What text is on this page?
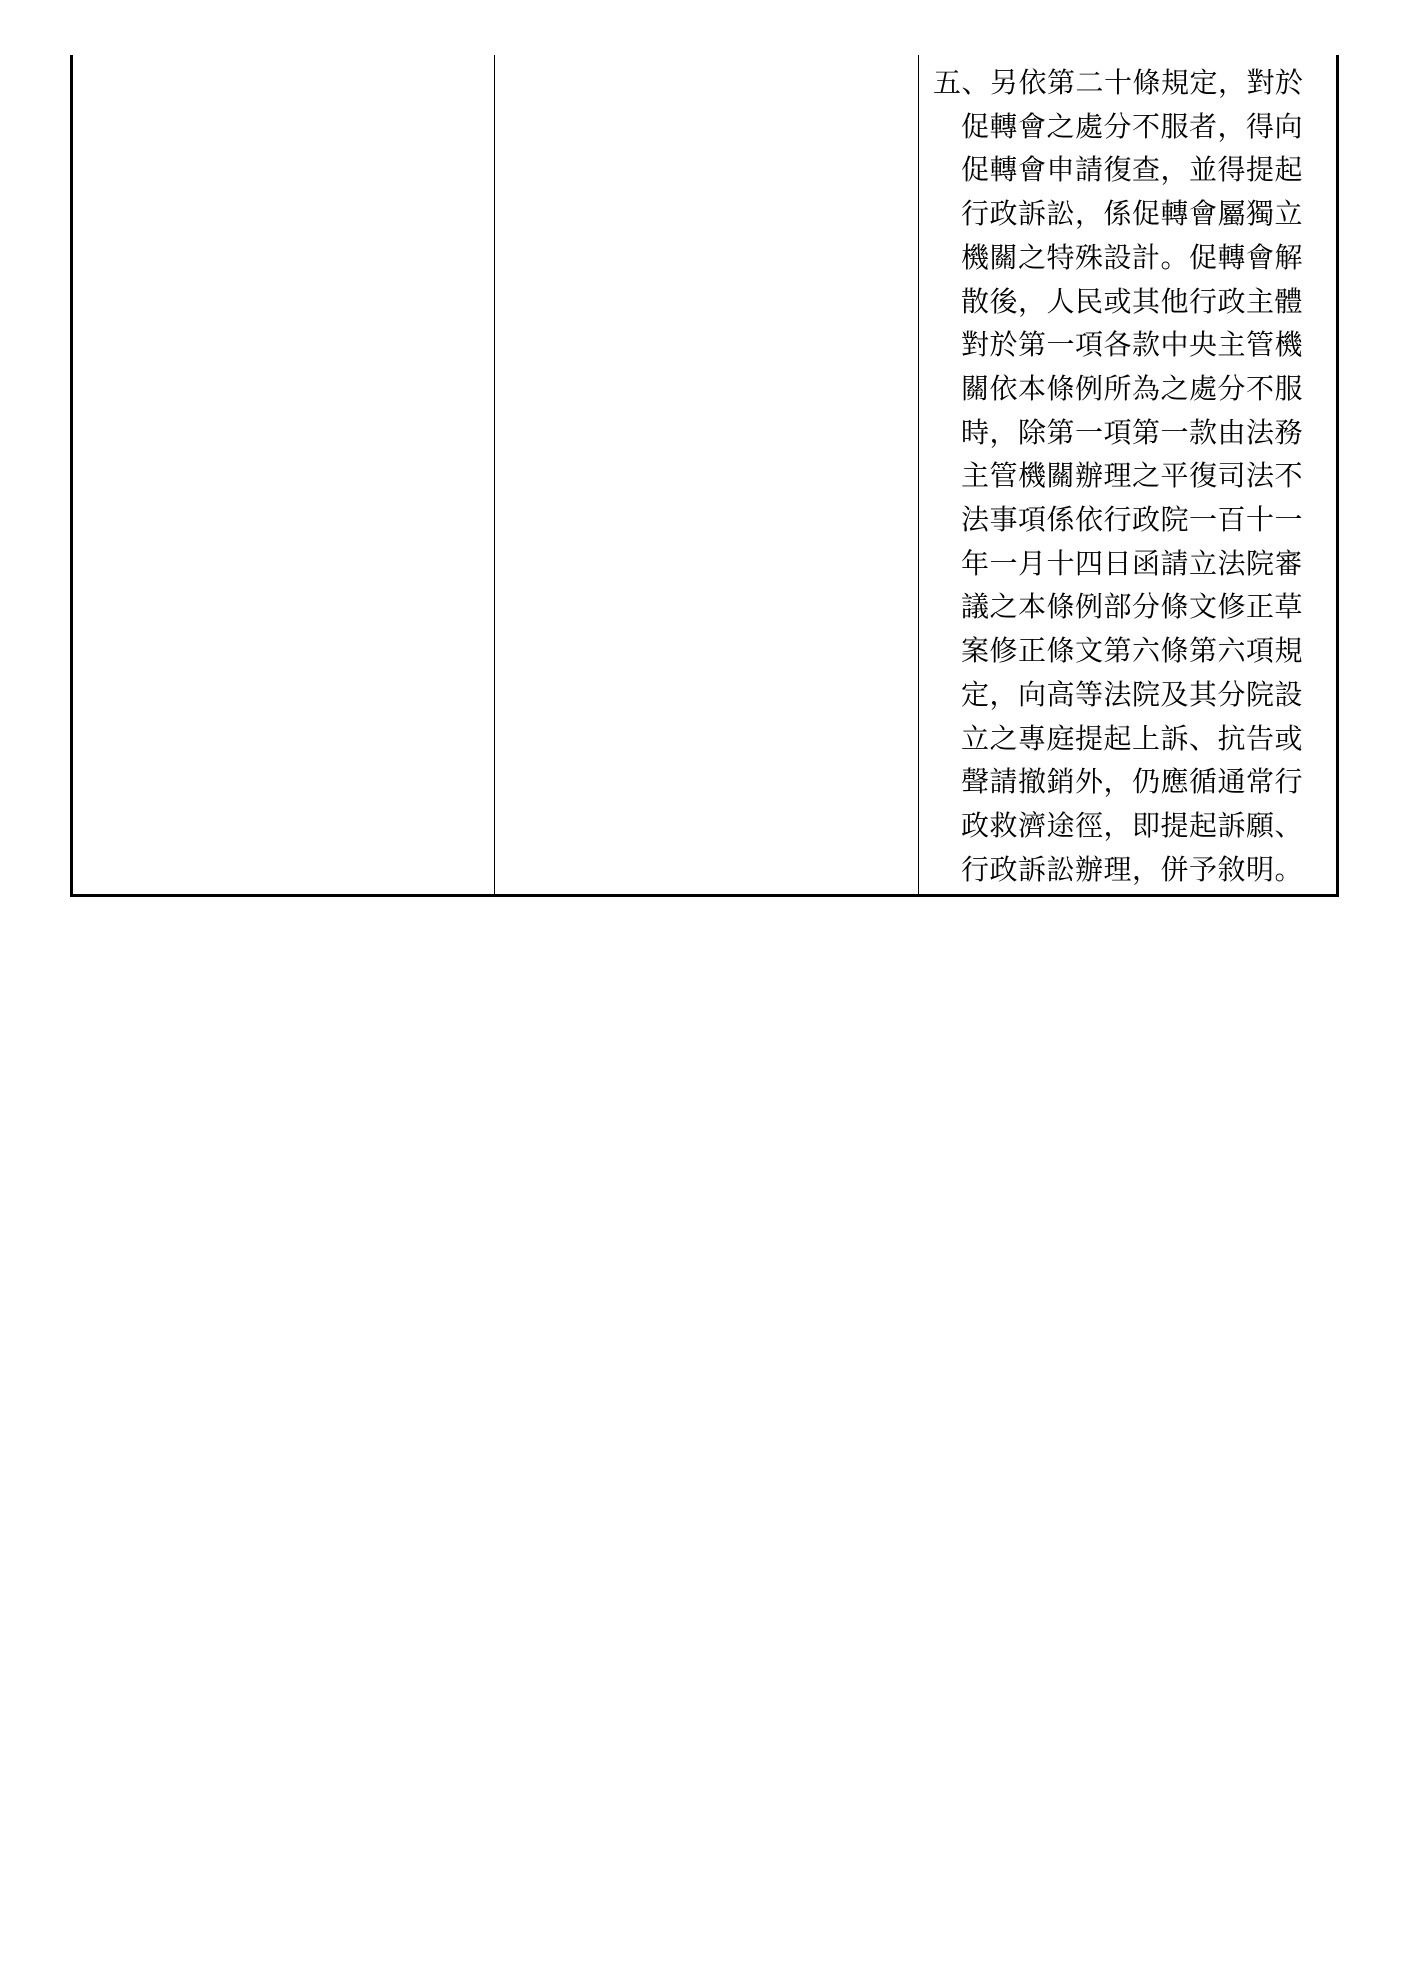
五、另依第二十條規定，對於
促轉會之處分不服者，得向
促轉會申請復查，並得提起
行政訴訟，係促轉會屬獨立
機關之特殊設計。促轉會解
散後，人民或其他行政主體
對於第一項各款中央主管機
關依本條例所為之處分不服
時，除第一項第一款由法務
主管機關辦理之平復司法不
法事項係依行政院一百十一
年一月十四日函請立法院審
議之本條例部分條文修正草
案修正條文第六條第六項規
定，向高等法院及其分院設
立之專庭提起上訴、抗告或
聲請撤銷外，仍應循通常行
政救濟途徑，即提起訴願、
行政訴訟辦理，併予敘明。
